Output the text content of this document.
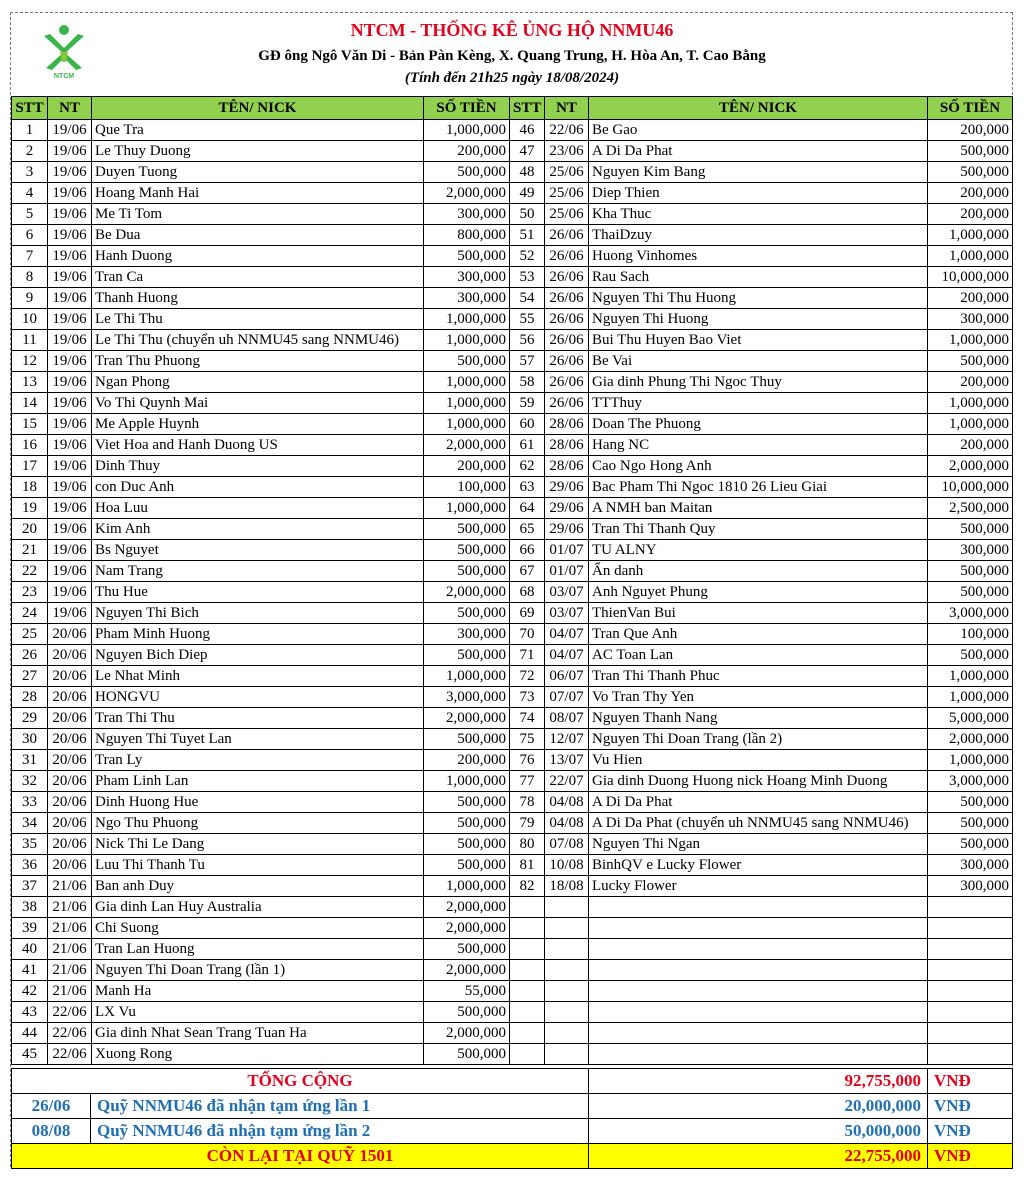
NTCM
NTCM - THỐNG KÊ ỦNG HỘ NNMU46
GĐ ông Ngô Văn Di - Bản Pàn Kèng, X. Quang Trung, H. Hòa An, T. Cao Bằng
(Tính đến 21h25 ngày 18/08/2024)
STT	NT	TÊN/ NICK	SỐ TIỀN
1	19/06	Que Tra	1,000,000
2	19/06	Le Thuy Duong	200,000
3	19/06	Duyen Tuong	500,000
4	19/06	Hoang Manh Hai	2,000,000
5	19/06	Me Ti Tom	300,000
6	19/06	Be Dua	800,000
7	19/06	Hanh Duong	500,000
8	19/06	Tran Ca	300,000
9	19/06	Thanh Huong	300,000
10	19/06	Le Thi Thu	1,000,000
11	19/06	Le Thi Thu (chuyển uh NNMU45 sang NNMU46)	1,000,000
12	19/06	Tran Thu Phuong	500,000
13	19/06	Ngan Phong	1,000,000
14	19/06	Vo Thi Quynh Mai	1,000,000
15	19/06	Me Apple Huynh	1,000,000
16	19/06	Viet Hoa and Hanh Duong US	2,000,000
17	19/06	Dinh Thuy	200,000
18	19/06	con Duc Anh	100,000
19	19/06	Hoa Luu	1,000,000
20	19/06	Kim Anh	500,000
21	19/06	Bs Nguyet	500,000
22	19/06	Nam Trang	500,000
23	19/06	Thu Hue	2,000,000
24	19/06	Nguyen Thi Bich	500,000
25	20/06	Pham Minh Huong	300,000
26	20/06	Nguyen Bich Diep	500,000
27	20/06	Le Nhat Minh	1,000,000
28	20/06	HONGVU	3,000,000
29	20/06	Tran Thi Thu	2,000,000
30	20/06	Nguyen Thi Tuyet Lan	500,000
31	20/06	Tran Ly	200,000
32	20/06	Pham Linh Lan	1,000,000
33	20/06	Dinh Huong Hue	500,000
34	20/06	Ngo Thu Phuong	500,000
35	20/06	Nick Thi Le Dang	500,000
36	20/06	Luu Thi Thanh Tu	500,000
37	21/06	Ban anh Duy	1,000,000
38	21/06	Gia dinh Lan Huy Australia	2,000,000
39	21/06	Chi Suong	2,000,000
40	21/06	Tran Lan Huong	500,000
41	21/06	Nguyen Thi Doan Trang (lần 1)	2,000,000
42	21/06	Manh Ha	55,000
43	22/06	LX Vu	500,000
44	22/06	Gia dinh Nhat Sean Trang Tuan Ha	2,000,000
45	22/06	Xuong Rong	500,000
STT	NT	TÊN/ NICK	SỐ TIỀN
46	22/06	Be Gao	200,000
47	23/06	A Di Da Phat	500,000
48	25/06	Nguyen Kim Bang	500,000
49	25/06	Diep Thien	200,000
50	25/06	Kha Thuc	200,000
51	26/06	ThaiDzuy	1,000,000
52	26/06	Huong Vinhomes	1,000,000
53	26/06	Rau Sach	10,000,000
54	26/06	Nguyen Thi Thu Huong	200,000
55	26/06	Nguyen Thi Huong	300,000
56	26/06	Bui Thu Huyen Bao Viet	1,000,000
57	26/06	Be Vai	500,000
58	26/06	Gia dinh Phung Thi Ngoc Thuy	200,000
59	26/06	TTThuy	1,000,000
60	28/06	Doan The Phuong	1,000,000
61	28/06	Hang NC	200,000
62	28/06	Cao Ngo Hong Anh	2,000,000
63	29/06	Bac Pham Thi Ngoc 1810 26 Lieu Giai	10,000,000
64	29/06	A NMH ban Maitan	2,500,000
65	29/06	Tran Thi Thanh Quy	500,000
66	01/07	TU ALNY	300,000
67	01/07	Ẩn danh	500,000
68	03/07	Anh Nguyet Phung	500,000
69	03/07	ThienVan Bui	3,000,000
70	04/07	Tran Que Anh	100,000
71	04/07	AC Toan Lan	500,000
72	06/07	Tran Thi Thanh Phuc	1,000,000
73	07/07	Vo Tran Thy Yen	1,000,000
74	08/07	Nguyen Thanh Nang	5,000,000
75	12/07	Nguyen Thi Doan Trang (lần 2)	2,000,000
76	13/07	Vu Hien	1,000,000
77	22/07	Gia dinh Duong Huong nick Hoang Minh Duong	3,000,000
78	04/08	A Di Da Phat	500,000
79	04/08	A Di Da Phat (chuyển uh NNMU45 sang NNMU46)	500,000
80	07/08	Nguyen Thi Ngan	500,000
81	10/08	BinhQV e Lucky Flower	300,000
82	18/08	Lucky Flower	300,000

TỔNG CỘNG		92,755,000	VNĐ
26/06	Quỹ NNMU46 đã nhận tạm ứng lần 1	20,000,000	VNĐ
08/08	Quỹ NNMU46 đã nhận tạm ứng lần 2	50,000,000	VNĐ
CÒN LẠI TẠI QUỸ 1501		22,755,000	VNĐ
